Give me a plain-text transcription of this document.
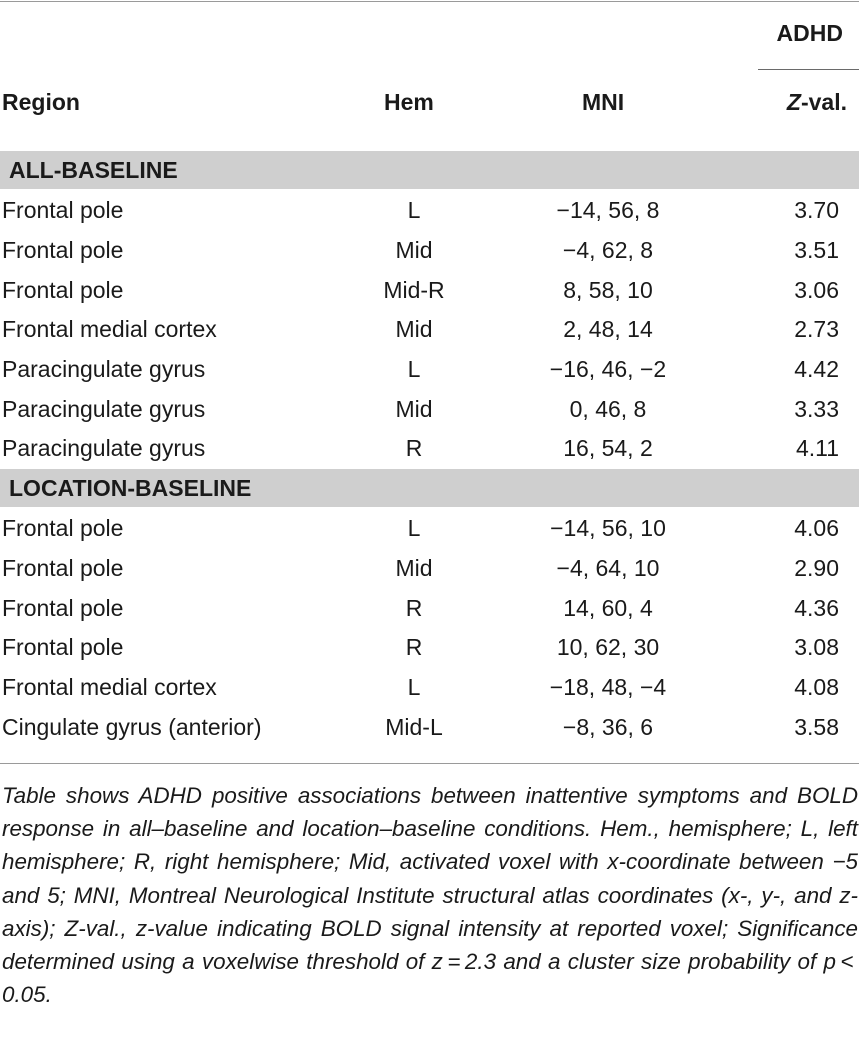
ADHD
Region	Hem	MNI	Z-val.
ALL-BASELINE
Frontal pole	L	−14, 56, 8	3.70
Frontal pole	Mid	−4, 62, 8	3.51
Frontal pole	Mid-R	8, 58, 10	3.06
Frontal medial cortex	Mid	2, 48, 14	2.73
Paracingulate gyrus	L	−16, 46, −2	4.42
Paracingulate gyrus	Mid	0, 46, 8	3.33
Paracingulate gyrus	R	16, 54, 2	4.11
LOCATION-BASELINE
Frontal pole	L	−14, 56, 10	4.06
Frontal pole	Mid	−4, 64, 10	2.90
Frontal pole	R	14, 60, 4	4.36
Frontal pole	R	10, 62, 30	3.08
Frontal medial cortex	L	−18, 48, −4	4.08
Cingulate gyrus (anterior)	Mid-L	−8, 36, 6	3.58
Table shows ADHD positive associations between inattentive symptoms and BOLD response in all–baseline and location–baseline conditions. Hem., hemisphere; L, left hemisphere; R, right hemisphere; Mid, activated voxel with x-coordinate between −5 and 5; MNI, Montreal Neurological Institute structural atlas coordinates (x-, y-, and z-axis); Z-val., z-value indicating BOLD signal intensity at reported voxel; Significance determined using a voxelwise threshold of z = 2.3 and a cluster size probability of p < 0.05.
